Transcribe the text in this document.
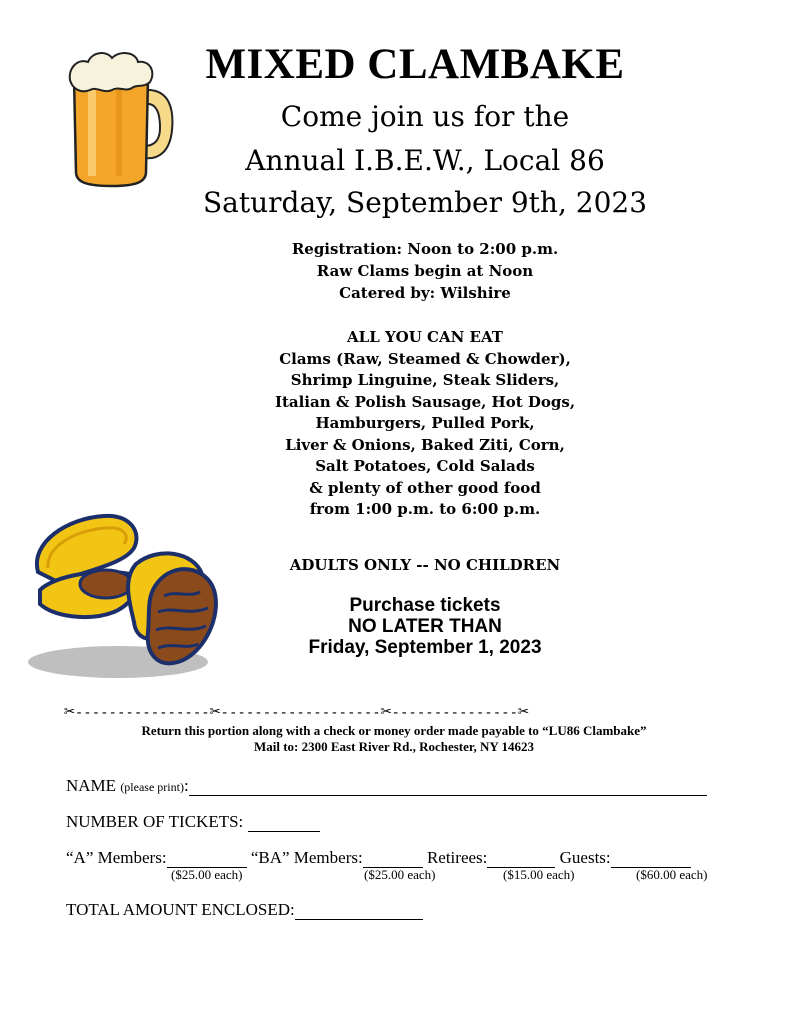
MIXED CLAMBAKE
Come join us for the
Annual I.B.E.W., Local 86
Saturday, September 9th, 2023
Registration: Noon to 2:00 p.m.
Raw Clams begin at Noon
Catered by: Wilshire
ALL YOU CAN EAT
Clams (Raw, Steamed & Chowder),
Shrimp Linguine, Steak Sliders,
Italian & Polish Sausage, Hot Dogs,
Hamburgers, Pulled Pork,
Liver & Onions, Baked Ziti, Corn,
Salt Potatoes, Cold Salads
& plenty of other good food
from 1:00 p.m. to 6:00 p.m.
ADULTS ONLY -- NO CHILDREN
Purchase tickets
NO LATER THAN
Friday, September 1, 2023
✂----------------✂-------------------✂---------------✂
Return this portion along with a check or money order made payable to “LU86 Clambake”
Mail to: 2300 East River Rd., Rochester, NY 14623
NAME (please print):
NUMBER OF TICKETS:
“A” Members:	“BA” Members:	Retirees:	Guests:
($25.00 each)	($25.00 each)	($15.00 each)	($60.00 each)
TOTAL AMOUNT ENCLOSED:
